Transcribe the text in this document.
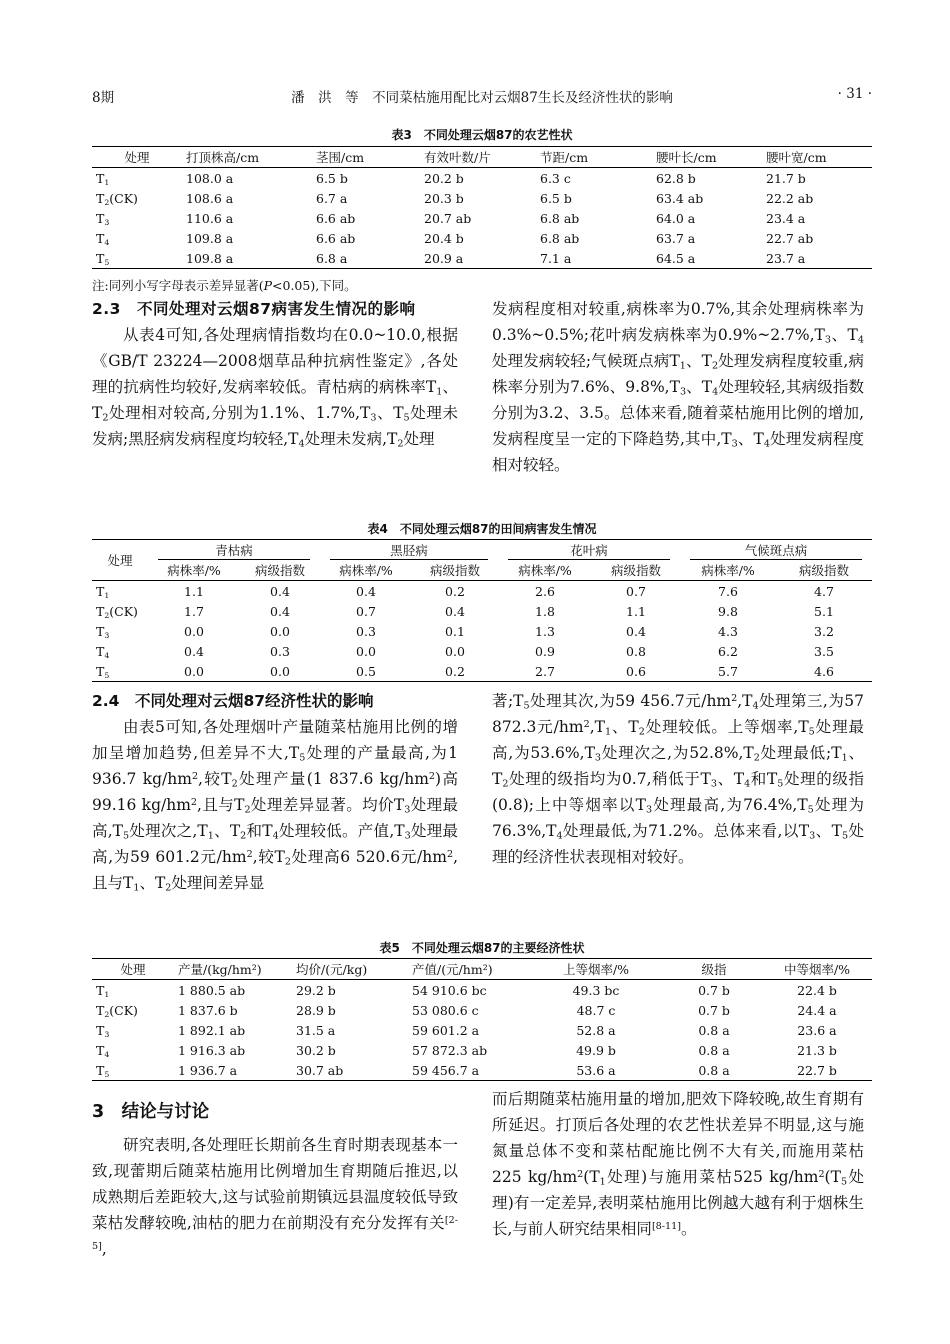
8期	潘　洪　等　不同菜枯施用配比对云烟87生长及经济性状的影响	· 31 ·
表3　不同处理云烟87的农艺性状
处理	打顶株高/cm	茎围/cm	有效叶数/片	节距/cm	腰叶长/cm	腰叶宽/cm
$T_1$	108.0 a	6.5 b	20.2 b	6.3 c	62.8 b	21.7 b
$T_2(CK)$	108.6 a	6.7 a	20.3 b	6.5 b	63.4 ab	22.2 ab
$T_3$	110.6 a	6.6 ab	20.7 ab	6.8 ab	64.0 a	23.4 a
$T_4$	109.8 a	6.6 ab	20.4 b	6.8 ab	63.7 a	22.7 ab
$T_5$	109.8 a	6.8 a	20.9 a	7.1 a	64.5 a	23.7 a
注:同列小写字母表示差异显著(P<0.05),下同。

2.3　不同处理对云烟87病害发生情况的影响

从表4可知,各处理病情指数均在0.0~10.0,根据《GB/T 23224—2008烟草品种抗病性鉴定》,各处理的抗病性均较好,发病率较低。青枯病的病株率$T_1$、$T_2$处理相对较高,分别为1.1%、$1.7\%,T_3$、$T_5$处理未发病;黑胫病发病程度均较轻$,T_4$处理未发病$,T_2$处理

发病程度相对较重,病株率为0.7%,其余处理病株率为0.3%~0.5%;花叶病发病株率为$0.9\%\sim 2.7\%,T_3$、$T_4$处理发病较轻;气候斑点病$T_1$、$T_2$处理发病程度较重,病株率分别为7.6%、$9.8\%,T_3$、$T_4$处理较轻,其病级指数分别为3.2、3.5。总体来看,随着菜枯施用比例的增加,发病程度呈一定的下降趋势,其中$,T_3$、$T_4$处理发病程度相对较轻。

表4　不同处理云烟87的田间病害发生情况
处理	青枯病		黑胫病		花叶病		气候斑点病	

	病株率/%	病级指数	病株率/%	病级指数	病株率/%	病级指数	病株率/%	病级指数
$T_1$	1.1	0.4	0.4	0.2	2.6	0.7	7.6	4.7
$T_2(CK)$	1.7	0.4	0.7	0.4	1.8	1.1	9.8	5.1
$T_3$	0.0	0.0	0.3	0.1	1.3	0.4	4.3	3.2
$T_4$	0.4	0.3	0.0	0.0	0.9	0.8	6.2	3.5
$T_5$	0.0	0.0	0.5	0.2	2.7	0.6	5.7	4.6

2.4　不同处理对云烟87经济性状的影响

由表5可知,各处理烟叶产量随菜枯施用比例的增加呈增加趋势,但差异不大$,T_5$处理的产量最高,为1 936.7 $kg/hm^2$,较$T_2$处理产量(1 837.6 $kg/hm^2$)高99.16 $kg/hm^2$,且与$T_2$处理差异显著。均价$T_3$处理最高$,T_5$处理次之$,T_1$、$T_2$和$T_4$处理较低。产值$,T_3$处理最高,为59 601.2元$/hm^2$,较$T_2$处理高6 520.6元$/hm^2$,且与$T_1$、$T_2$处理间差异显

著$;T_5$处理其次,为59 456.7元$/hm^2,T_4$处理第三,为57 872.3元$/hm^2,T_1$、$T_2$处理较低。上等烟率$,T_5$处理最高,为$53.6\%,T_3$处理次之,为$52.8\%,T_2$处理最低$;T_1$、$T_2$处理的级指均为0.7,稍低于$T_3$、$T_4$和$T_5$处理的级指(0.8);上中等烟率以$T_3$处理最高,为$76.4\%,T_5$处理为$76.3\%,T_4$处理最低,为71.2%。总体来看,以$T_3$、$T_5$处理的经济性状表现相对较好。

表5　不同处理云烟87的主要经济性状
处理	产量/(kg/hm²)	均价/(元/kg)	产值/(元/hm²)	上等烟率/%	级指	中等烟率/%
$T_1$	1 880.5 ab	29.2 b	54 910.6 bc	49.3 bc	0.7 b	22.4 b
$T_2(CK)$	1 837.6 b	28.9 b	53 080.6 c	48.7 c	0.7 b	24.4 a
$T_3$	1 892.1 ab	31.5 a	59 601.2 a	52.8 a	0.8 a	23.6 a
$T_4$	1 916.3 ab	30.2 b	57 872.3 ab	49.9 b	0.8 a	21.3 b
$T_5$	1 936.7 a	30.7 ab	59 456.7 a	53.6 a	0.8 a	22.7 b
3　结论与讨论

研究表明,各处理旺长期前各生育时期表现基本一致,现蕾期后随菜枯施用比例增加生育期随后推迟,以成熟期后差距较大,这与试验前期镇远县温度较低导致菜枯发酵较晚,油枯的肥力在前期没有充分发挥有关[2-5],

而后期随菜枯施用量的增加,肥效下降较晚,故生育期有所延迟。打顶后各处理的农艺性状差异不明显,这与施氮量总体不变和菜枯配施比例不大有关,而施用菜枯225 $kg/hm^2(T_1$处理)与施用菜枯525 $kg/hm^2(T_5$处理)有一定差异,表明菜枯施用比例越大越有利于烟株生长,与前人研究结果相同[8-11]。
